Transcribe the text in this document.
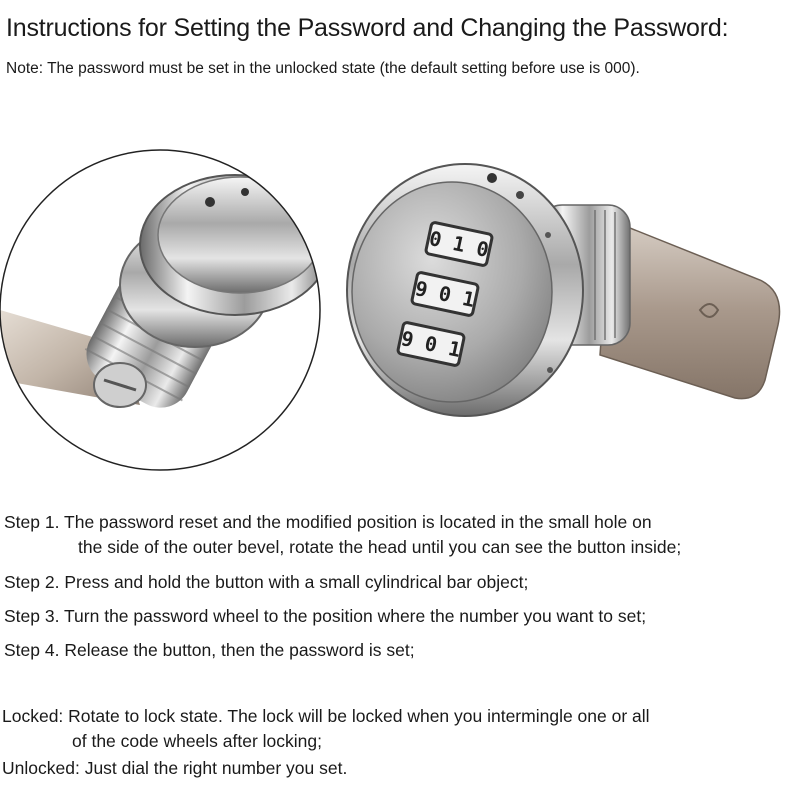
Instructions for Setting the Password and Changing the Password:
Note: The password must be set in the unlocked state (the default setting before use is 000).
0 1 0
9 0 1
9 0 1
Step 1. The password reset and the modified position is located in the small hole on
the side of the outer bevel, rotate the head until you can see the button inside;
Step 2. Press and hold the button with a small cylindrical bar object;
Step 3. Turn the password wheel to the position where the number you want to set;
Step 4. Release the button, then the password is set;
Locked: Rotate to lock state. The lock will be locked when you intermingle one or all
of the code wheels after locking;
Unlocked: Just dial the right number you set.
